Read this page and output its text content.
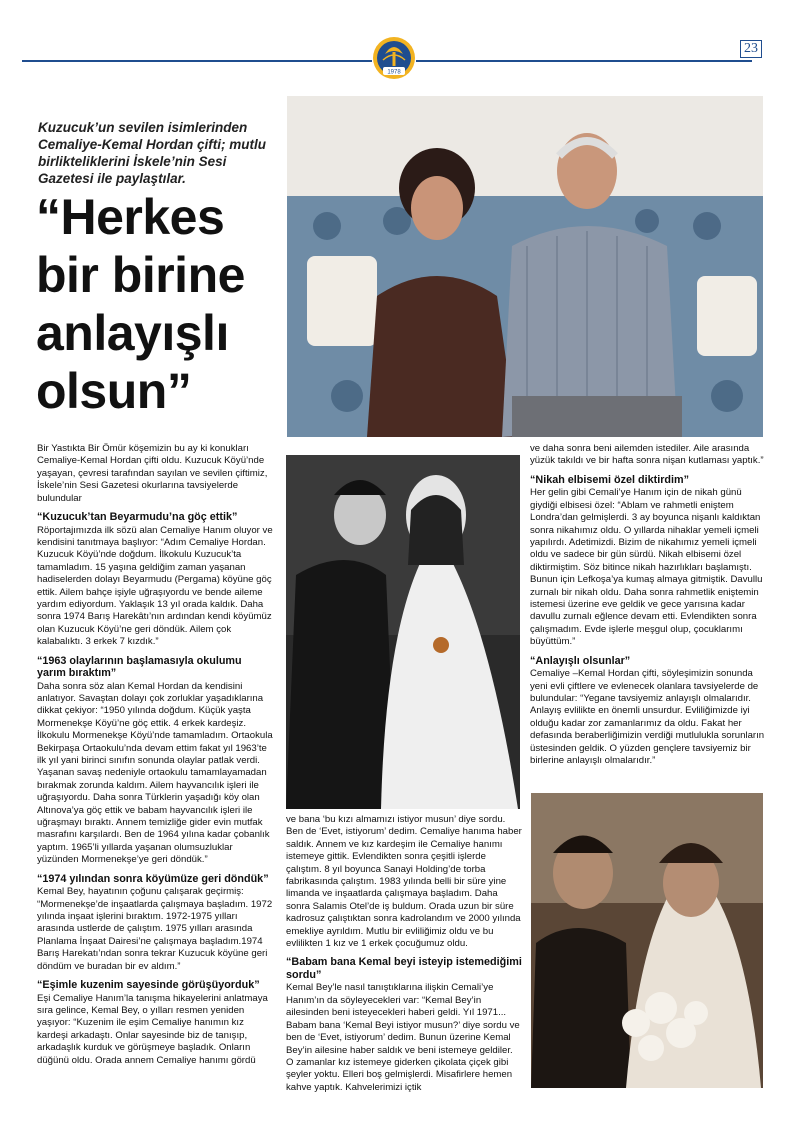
1978
23
Kuzucuk’un sevilen isimlerinden Cemaliye-Kemal Hordan çifti; mutlu birlikteliklerini İskele’nin Sesi Gazetesi ile paylaştılar.
“Herkes bir birine anlayışlı olsun”

Bir Yastıkta Bir Ömür köşemizin bu ay ki konukları Cemaliye-Kemal Hordan çifti oldu. Kuzucuk Köyü’nde yaşayan, çevresi tarafından sayılan ve sevilen çiftimiz, İskele’nin Sesi Gazetesi okurlarına tavsiyelerde bulundular

“Kuzucuk’tan Beyarmudu’na göç ettik”

Röportajımızda ilk sözü alan Cemaliye Hanım oluyor ve kendisini tanıtmaya başlıyor: “Adım Cemaliye Hordan. Kuzucuk Köyü’nde doğdum. İlkokulu Kuzucuk’ta tamamladım. 15 yaşına geldiğim zaman yaşanan hadiselerden dolayı Beyarmudu (Pergama) köyüne göç ettik. Ailem bahçe işiyle uğraşıyordu ve bende aileme yardım ediyordum. Yaklaşık 13 yıl orada kaldık. Daha sonra 1974 Barış Harekâtı’nın ardından kendi köyümüz olan Kuzucuk Köyü’ne geri döndük. Ailem çok kalabalıktı. 3 erkek 7 kızdık.”

“1963 olaylarının başlamasıyla okulumu yarım bıraktım”

Daha sonra söz alan Kemal Hordan da kendisini anlatıyor. Savaştan dolayı çok zorluklar yaşadıklarına dikkat çekiyor: “1950 yılında doğdum. Küçük yaşta Mormenekşe Köyü’ne göç ettik. 4 erkek kardeşiz. İlkokulu Mormenekşe Köyü’nde tamamladım. Ortaokula Bekirpaşa Ortaokulu’nda devam ettim fakat yıl 1963’te ilk yıl yani birinci sınıfın sonunda olaylar patlak verdi. Yaşanan savaş nedeniyle ortaokulu tamamlayamadan bırakmak zorunda kaldım. Ailem hayvancılık işleri ile uğraşıyordu. Daha sonra Türklerin yaşadığı köy olan Altınova’ya göç ettik ve babam hayvancılık işleri ile uğraşmayı bıraktı. Annem temizliğe gider evin mutfak masrafını karşılardı. Ben de 1964 yılına kadar çobanlık yaptım. 1965’li yıllarda yaşanan olumsuzluklar yüzünden Mormenekşe’ye geri döndük.”

“1974 yılından sonra köyümüze geri döndük”

Kemal Bey, hayatının çoğunu çalışarak geçirmiş: “Mormenekşe’de inşaatlarda çalışmaya başladım. 1972 yılında inşaat işlerini bıraktım. 1972-1975 yılları arasında ustlerde de çalıştım. 1975 yılları arasında Planlama İnşaat Dairesi’ne çalışmaya başladım.1974 Barış Harekatı’ndan sonra tekrar Kuzucuk köyüne geri döndüm ve buradan bir ev aldım.”

“Eşimle kuzenim sayesinde görüşüyorduk”

Eşi Cemaliye Hanım’la tanışma hikayelerini anlatmaya sıra gelince, Kemal Bey, o yılları resmen yeniden yaşıyor: “Kuzenim ile eşim Cemaliye hanımın kız kardeşi arkadaştı. Onlar sayesinde biz de tanışıp, arkadaşlık kurduk ve görüşmeye başladık. Onların düğünü oldu. Orada annem Cemaliye hanımı gördü

ve bana ‘bu kızı almamızı istiyor musun’ diye sordu. Ben de ‘Evet, istiyorum’ dedim. Cemaliye hanıma haber saldık. Annem ve kız kardeşim ile Cemaliye hanımı istemeye gittik. Evlendikten sonra çeşitli işlerde çalıştım. 8 yıl boyunca Sanayi Holding’de torba fabrikasında çalıştım. 1983 yılında belli bir süre yine limanda ve inşaatlarda çalışmaya başladım. Daha sonra Salamis Otel’de iş buldum. Orada uzun bir süre kadrosuz çalıştıktan sonra kadrolandım ve 2000 yılında emekliye ayrıldım. Mutlu bir evliliğimiz oldu ve bu evlilikten 1 kız ve 1 erkek çocuğumuz oldu.

“Babam bana Kemal beyi isteyip istemediğimi sordu”

Kemal Bey’le nasıl tanıştıklarına ilişkin Cemali’ye Hanım’ın da söyleyecekleri var: “Kemal Bey’in ailesinden beni isteyecekleri haberi geldi. Yıl 1971... Babam bana ‘Kemal Beyi istiyor musun?’ diye sordu ve ben de ‘Evet, istiyorum’ dedim. Bunun üzerine Kemal Bey’in ailesine haber saldık ve beni istemeye geldiler. O zamanlar kız istemeye giderken çikolata çiçek gibi şeyler yoktu. Elleri boş gelmişlerdi. Misafirlere hemen kahve yaptık. Kahvelerimizi içtik

ve daha sonra beni ailemden istediler. Aile arasında yüzük takıldı ve bir hafta sonra nişan kutlaması yaptık.”

“Nikah elbisemi özel diktirdim”

Her gelin gibi Cemali’ye Hanım için de nikah günü giydiği elbisesi özel: “Ablam ve rahmetli eniştem Londra’dan gelmişlerdi. 3 ay boyunca nişanlı kaldıktan sonra nikahımız oldu. O yıllarda nihaklar yemeli içmeli yapılırdı. Adetimizdi. Bizim de nikahımız yemeli içmeli oldu ve sadece bir gün sürdü. Nikah elbisemi özel diktirmiştim. Söz bitince nikah hazırlıkları başlamıştı. Bunun için Lefkoşa’ya kumaş almaya gitmiştik. Davullu zurnalı bir nikah oldu. Daha sonra rahmetlik eniştemin istemesi üzerine eve geldik ve gece yarısına kadar davullu zurnalı eğlence devam etti. Evlendikten sonra çalışmadım. Evde işlerle meşgul olup, çocuklarımı büyüttüm.”

“Anlayışlı olsunlar”

Cemaliye –Kemal Hordan çifti, söyleşimizin sonunda yeni evli çiftlere ve evlenecek olanlara tavsiyelerde de bulundular: “Yegane tavsiyemiz anlayışlı olmalarıdır. Anlayış evlilikte en önemli unsurdur. Evliliğimizde iyi olduğu kadar zor zamanlarımız da oldu. Fakat her defasında beraberliğimizin verdiği mutlulukla sorunların üstesinden geldik. O yüzden gençlere tavsiyemiz bir birlerine anlayışlı olmalarıdır.”
